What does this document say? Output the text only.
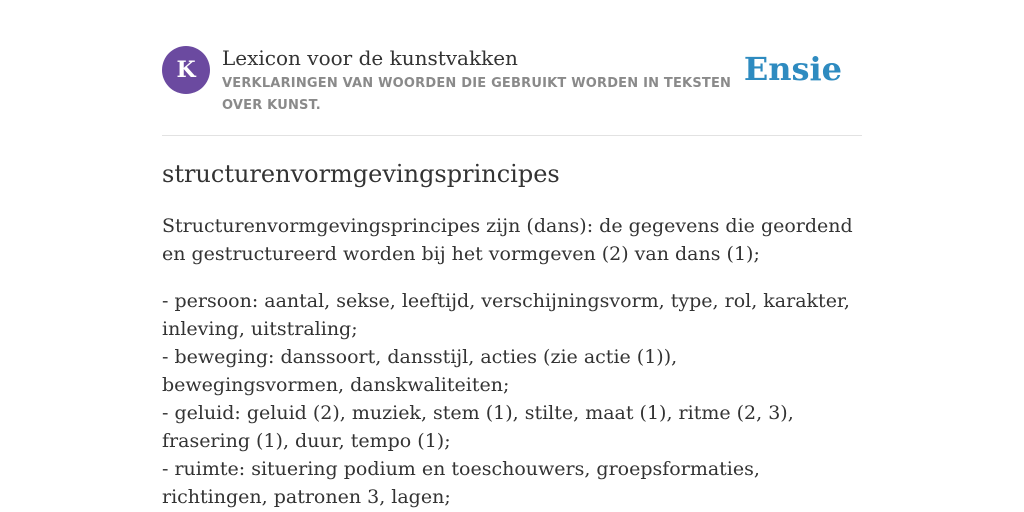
K	Lexicon voor de kunstvakken
VERKLARINGEN VAN WOORDEN DIE GEBRUIKT WORDEN IN TEKSTEN OVER KUNST.
Ensie
structurenvormgevingsprincipes

Structurenvormgevingsprincipes zijn (dans): de gegevens die geordend en gestructureerd worden bij het vormgeven (2) van dans (1);

- persoon: aantal, sekse, leeftijd, verschijningsvorm, type, rol, karakter, inleving, uitstraling;
- beweging: danssoort, dansstijl, acties (zie actie (1)), bewegingsvormen, danskwaliteiten;
- geluid: geluid (2), muziek, stem (1), stilte, maat (1), ritme (2, 3), frasering (1), duur, tempo (1);
- ruimte: situering podium en toeschouwers, groepsformaties, richtingen, patronen 3, lagen;
